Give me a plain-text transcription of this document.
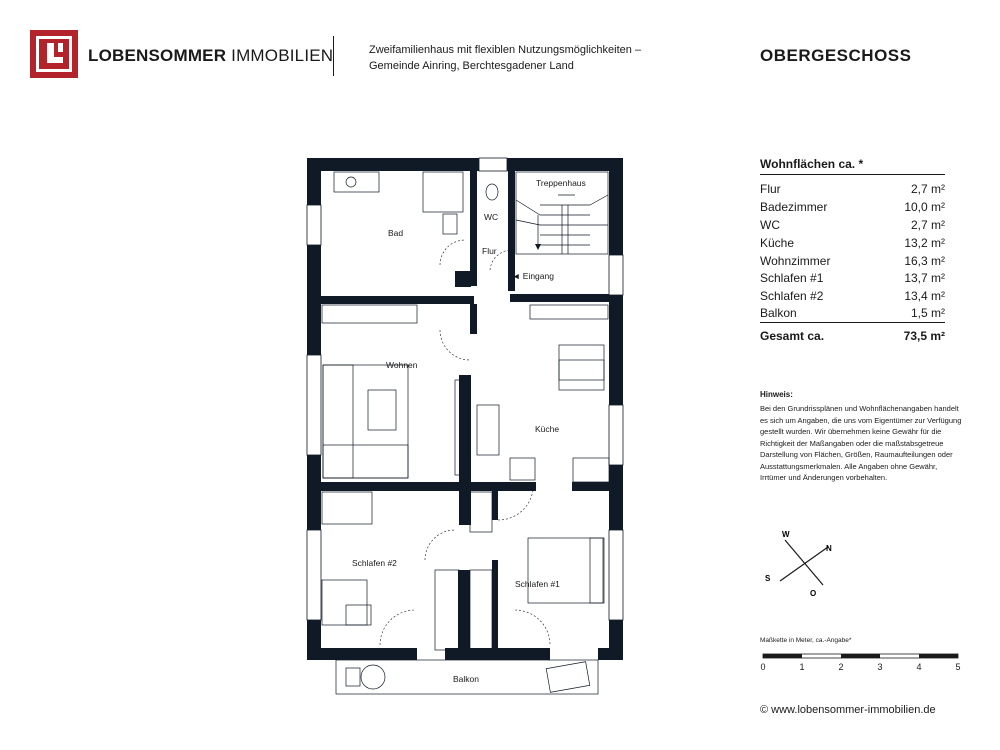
LOBENSOMMER IMMOBILIEN	Zweifamilienhaus mit flexiblen Nutzungsmöglichkeiten –
Gemeinde Ainring, Berchtesgadener Land
OBERGESCHOSS
Wohnflächen ca. *
Flur	2,7 m²
Badezimmer	10,0 m²
WC	2,7 m²
Küche	13,2 m²
Wohnzimmer	16,3 m²
Schlafen #1	13,7 m²
Schlafen #2	13,4 m²
Balkon	1,5 m²
Gesamt ca.	73,5 m²
Hinweis:
Bei den Grundrissplänen und Wohnflächenangaben handelt es sich um Angaben, die uns vom Eigentümer zur Verfügung gestellt wurden. Wir übernehmen keine Gewähr für die Richtigkeit der Maßangaben oder die maßstabsgetreue Darstellung von Flächen, Größen, Raumaufteilungen oder Ausstattungsmerkmalen. Alle Angaben ohne Gewähr, Irrtümer und Änderungen vorbehalten.
W
N
S
O
Maßkette in Meter, ca.-Angabe*
0	1	2	3	4	5
© www.lobensommer-immobilien.de
Bad
WC
Treppenhaus
Flur
◄ Eingang
Wohnen
Küche
Schlafen #2
Schlafen #1
Balkon
